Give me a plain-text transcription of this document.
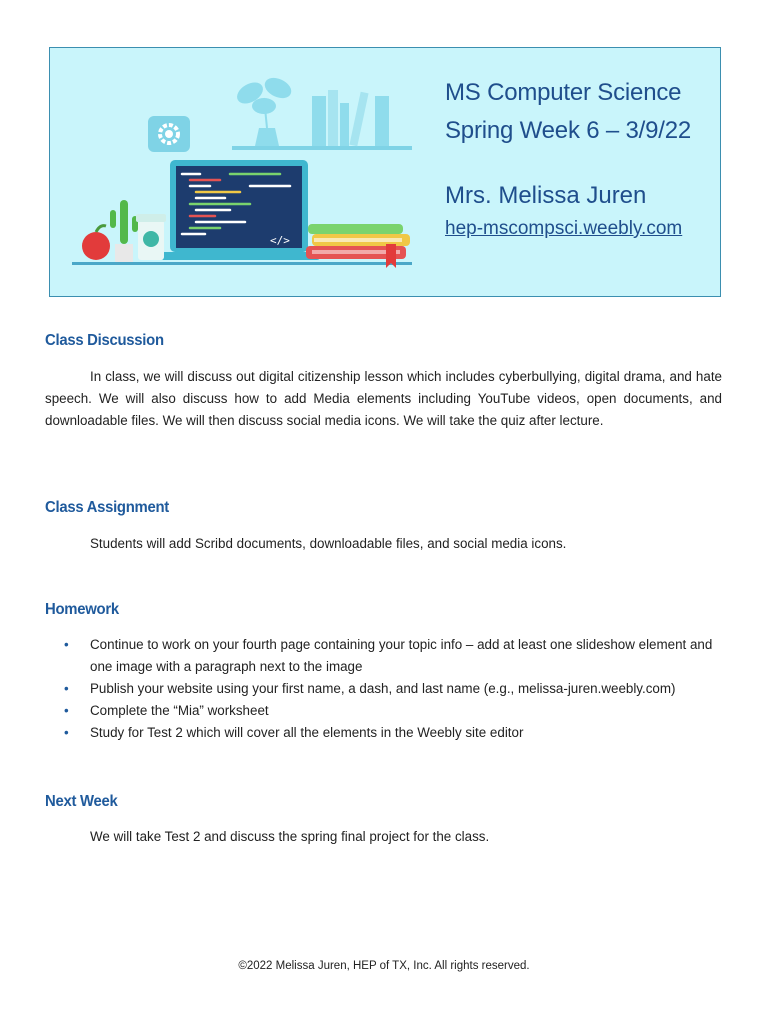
</>
MS Computer Science
Spring Week 6 – 3/9/22
Mrs. Melissa Juren
hep-mscompsci.weebly.com
Class Discussion

In class, we will discuss out digital citizenship lesson which includes cyberbullying, digital drama, and hate speech. We will also discuss how to add Media elements including YouTube videos, open documents, and downloadable files. We will then discuss social media icons. We will take the quiz after lecture.

Class Assignment

Students will add Scribd documents, downloadable files, and social media icons.

Homework
• Continue to work on your fourth page containing your topic info – add at least one slideshow element and one image with a paragraph next to the image
• Publish your website using your first name, a dash, and last name (e.g., melissa-juren.weebly.com)
• Complete the “Mia” worksheet
• Study for Test 2 which will cover all the elements in the Weebly site editor
Next Week

We will take Test 2 and discuss the spring final project for the class.

©2022 Melissa Juren, HEP of TX, Inc. All rights reserved.
